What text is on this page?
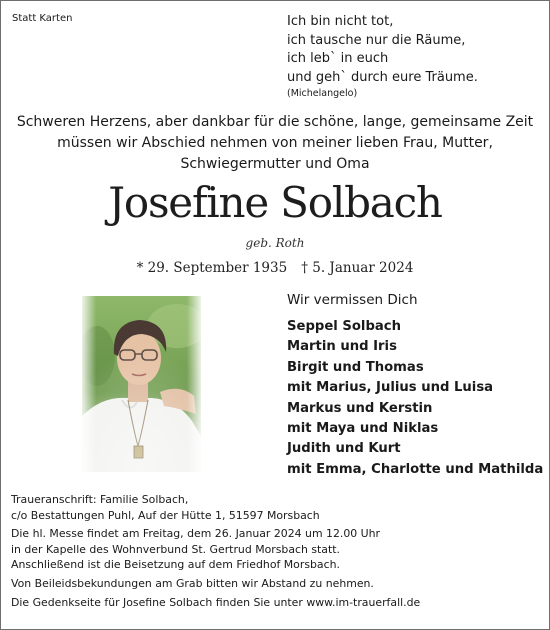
Statt Karten	Ich bin nicht tot,
ich tausche nur die Räume,
ich leb` in euch
und geh` durch eure Träume.
(Michelangelo)
Schweren Herzens, aber dankbar für die schöne, lange, gemeinsame Zeit
müssen wir Abschied nehmen von meiner lieben Frau, Mutter,
Schwiegermutter und Oma
Josefine Solbach
geb. Roth
* 29. September 1935 † 5. Januar 2024
Wir vermissen Dich
Seppel Solbach
Martin und Iris
Birgit und Thomas
mit Marius, Julius und Luisa
Markus und Kerstin
mit Maya und Niklas
Judith und Kurt
mit Emma, Charlotte und Mathilda
Traueranschrift: Familie Solbach,
c/o Bestattungen Puhl, Auf der Hütte 1, 51597 Morsbach
Die hl. Messe findet am Freitag, dem 26. Januar 2024 um 12.00 Uhr
in der Kapelle des Wohnverbund St. Gertrud Morsbach statt.
Anschließend ist die Beisetzung auf dem Friedhof Morsbach.
Von Beileidsbekundungen am Grab bitten wir Abstand zu nehmen.
Die Gedenkseite für Josefine Solbach finden Sie unter www.im-trauerfall.de
